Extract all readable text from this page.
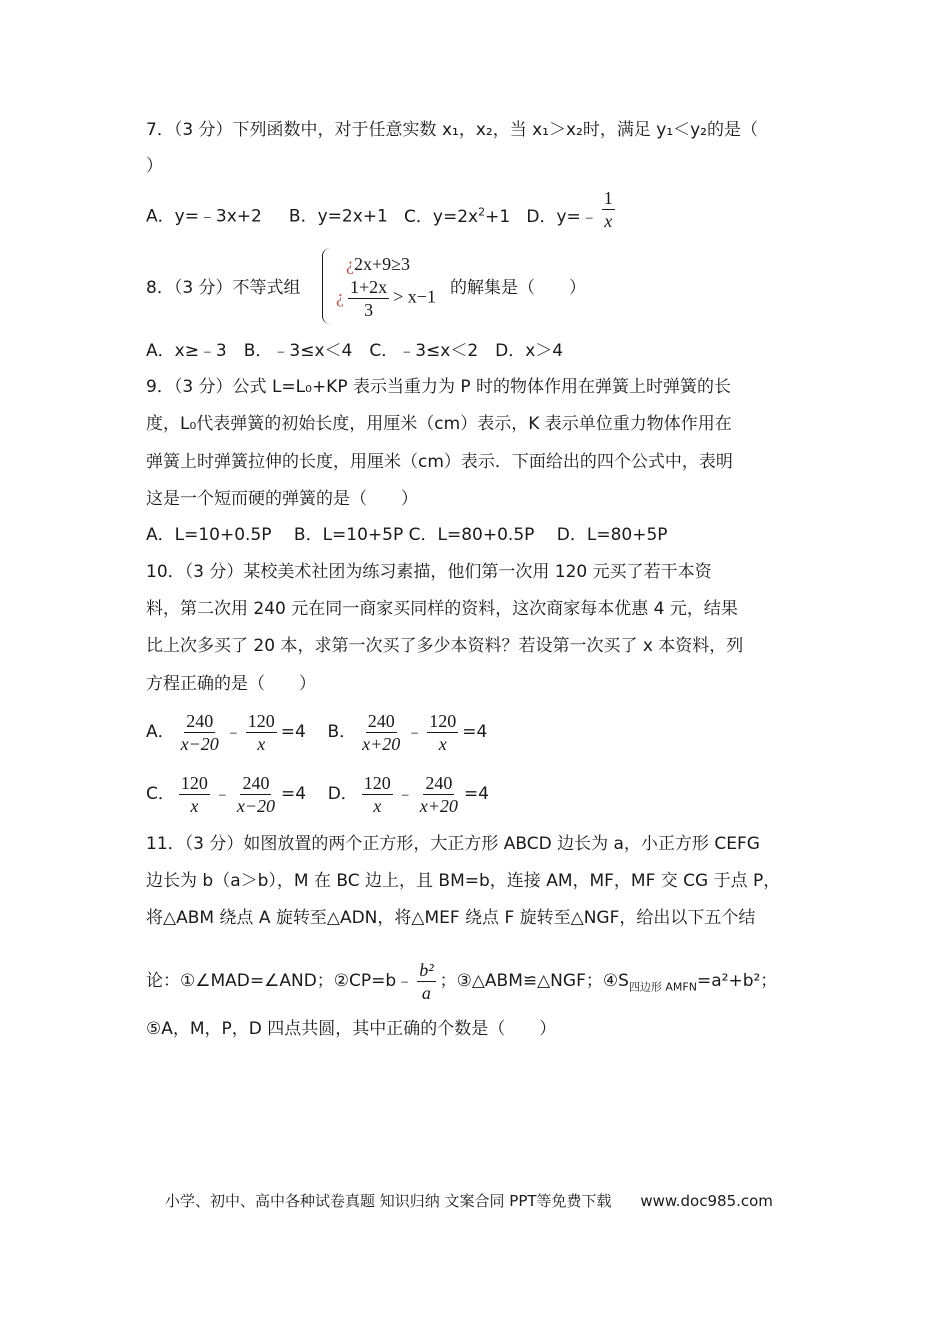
7．（3 分）下列函数中，对于任意实数 x₁，x₂，当 x₁＞x₂时，满足 y₁＜y₂的是（
）
A．y=﹣3x+2 B．y=2x+1 C．$y=2x^2+1$ D．y=﹣ $\frac{1}{x}$
8．（3 分）不等式组
¿2x+9≥3
¿ $\frac{1+2x}{3} > x-1$ 的解集是（　　）
A．x≥﹣3　B．﹣3≤x＜4　C．﹣3≤x＜2　D．x＞4
9．（3 分）公式 L=L₀+KP 表示当重力为 P 时的物体作用在弹簧上时弹簧的长
度，L₀代表弹簧的初始长度，用厘米（cm）表示，K 表示单位重力物体作用在
弹簧上时弹簧拉伸的长度，用厘米（cm）表示．下面给出的四个公式中，表明
这是一个短而硬的弹簧的是（　　）
A．L=10+0.5P　 B．L=10+5P C．L=80+0.5P　 D．L=80+5P
10．（3 分）某校美术社团为练习素描，他们第一次用 120 元买了若干本资
料，第二次用 240 元在同一商家买同样的资料，这次商家每本优惠 4 元，结果
比上次多买了 20 本，求第一次买了多少本资料？若设第一次买了 x 本资料，列
方程正确的是（　　）
A． $\frac{240}{x-20}$ ﹣ $\frac{120}{x} =4$ B． $\frac{240}{x+20}$ ﹣ $\frac{120}{x} =4$
C． $\frac{120}{x}$ ﹣ $\frac{240}{x-20} =4$ D． $\frac{120}{x}$ ﹣ $\frac{240}{x+20} =4$
11．（3 分）如图放置的两个正方形，大正方形 ABCD 边长为 a，小正方形 CEFG
边长为 b（a＞b），M 在 BC 边上，且 BM=b，连接 AM，MF，MF 交 CG 于点 P，
将△ABM 绕点 A 旋转至△ADN，将△MEF 绕点 F 旋转至△NGF，给出以下五个结
论：①∠MAD=∠AND；②CP=b﹣ $\frac{\text{b²}}{a}$ ；③△ABM≌△NGF；$④S_{四边形 AMFN}=a^2+b^2$；
⑤A，M，P，D 四点共圆，其中正确的个数是（　　）
小学、初中、高中各种试卷真题 知识归纳 文案合同 PPT等免费下载 www.doc985.com
